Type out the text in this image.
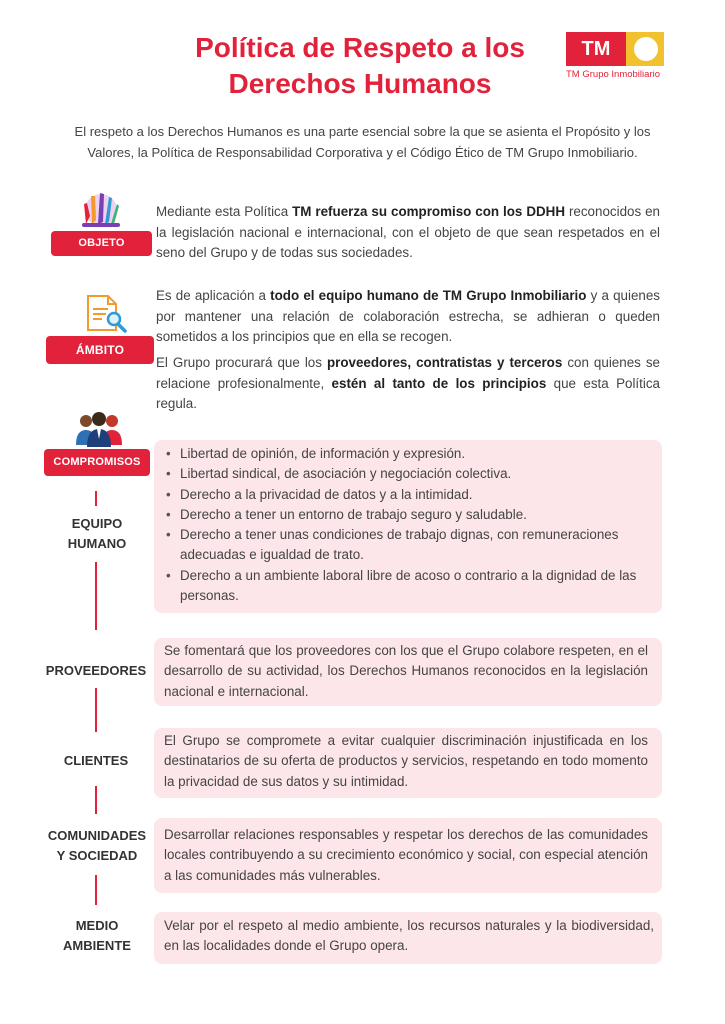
Política de Respeto a los
Derechos Humanos
TM
TM Grupo Inmobiliario
El respeto a los Derechos Humanos es una parte esencial sobre la que se asienta el Propósito y los Valores, la Política de Responsabilidad Corporativa y el Código Ético de TM Grupo Inmobiliario.
OBJETO
Mediante esta Política TM refuerza su compromiso con los DDHH reconocidos en la legislación nacional e internacional, con el objeto de que sean respetados en el seno del Grupo y de todas sus sociedades.
ÁMBITO
Es de aplicación a todo el equipo humano de TM Grupo Inmobiliario y a quienes por mantener una relación de colaboración estrecha, se adhieran o queden sometidos a los principios que en ella se recogen.
El Grupo procurará que los proveedores, contratistas y terceros con quienes se relacione profesionalmente, estén al tanto de los principios que esta Política regula.
COMPROMISOS
EQUIPO
HUMANO
• Libertad de opinión, de información y expresión.
• Libertad sindical, de asociación y negociación colectiva.
• Derecho a la privacidad de datos y a la intimidad.
• Derecho a tener un entorno de trabajo seguro y saludable.
• Derecho a tener unas condiciones de trabajo dignas, con remuneraciones adecuadas e igualdad de trato.
• Derecho a un ambiente laboral libre de acoso o contrario a la dignidad de las personas.
PROVEEDORES

Se fomentará que los proveedores con los que el Grupo colabore respeten, en el desarrollo de su actividad, los Derechos Humanos reconocidos en la legislación nacional e internacional.

CLIENTES

El Grupo se compromete a evitar cualquier discriminación injustificada en los destinatarios de su oferta de productos y servicios, respetando en todo momento la privacidad de sus datos y su intimidad.

COMUNIDADES
Y SOCIEDAD

Desarrollar relaciones responsables y respetar los derechos de las comunidades locales contribuyendo a su crecimiento económico y social, con especial atención a las comunidades más vulnerables.

MEDIO
AMBIENTE

Velar por el respeto al medio ambiente, los recursos naturales y la biodiversidad, en las localidades donde el Grupo opera.
